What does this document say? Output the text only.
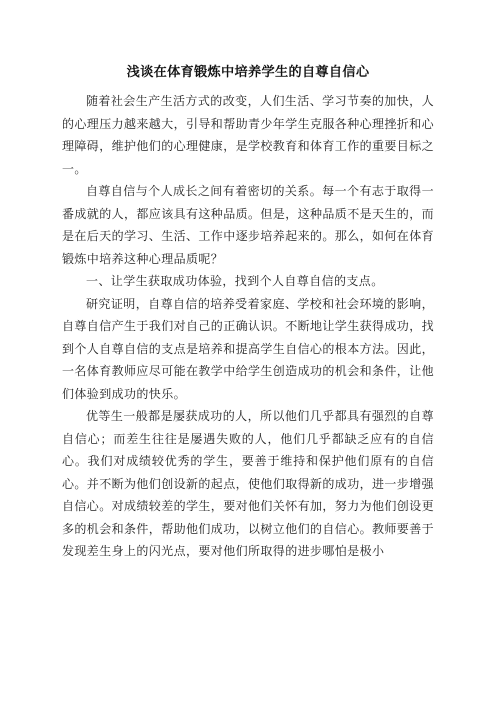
浅谈在体育锻炼中培养学生的自尊自信心

随着社会生产生活方式的改变，人们生活、学习节奏的加快，人的心理压力越来越大，引导和帮助青少年学生克服各种心理挫折和心理障碍，维护他们的心理健康，是学校教育和体育工作的重要目标之一。

自尊自信与个人成长之间有着密切的关系。每一个有志于取得一番成就的人，都应该具有这种品质。但是，这种品质不是天生的，而是在后天的学习、生活、工作中逐步培养起来的。那么，如何在体育锻炼中培养这种心理品质呢？

一、让学生获取成功体验，找到个人自尊自信的支点。

研究证明，自尊自信的培养受着家庭、学校和社会环境的影响，自尊自信产生于我们对自己的正确认识。不断地让学生获得成功，找到个人自尊自信的支点是培养和提高学生自信心的根本方法。因此，一名体育教师应尽可能在教学中给学生创造成功的机会和条件，让他们体验到成功的快乐。

优等生一般都是屡获成功的人，所以他们几乎都具有强烈的自尊自信心；而差生往往是屡遇失败的人，他们几乎都缺乏应有的自信心。我们对成绩较优秀的学生，要善于维持和保护他们原有的自信心。并不断为他们创设新的起点，使他们取得新的成功，进一步增强自信心。对成绩较差的学生，要对他们关怀有加，努力为他们创设更多的机会和条件，帮助他们成功，以树立他们的自信心。教师要善于发现差生身上的闪光点，要对他们所取得的进步哪怕是极小
